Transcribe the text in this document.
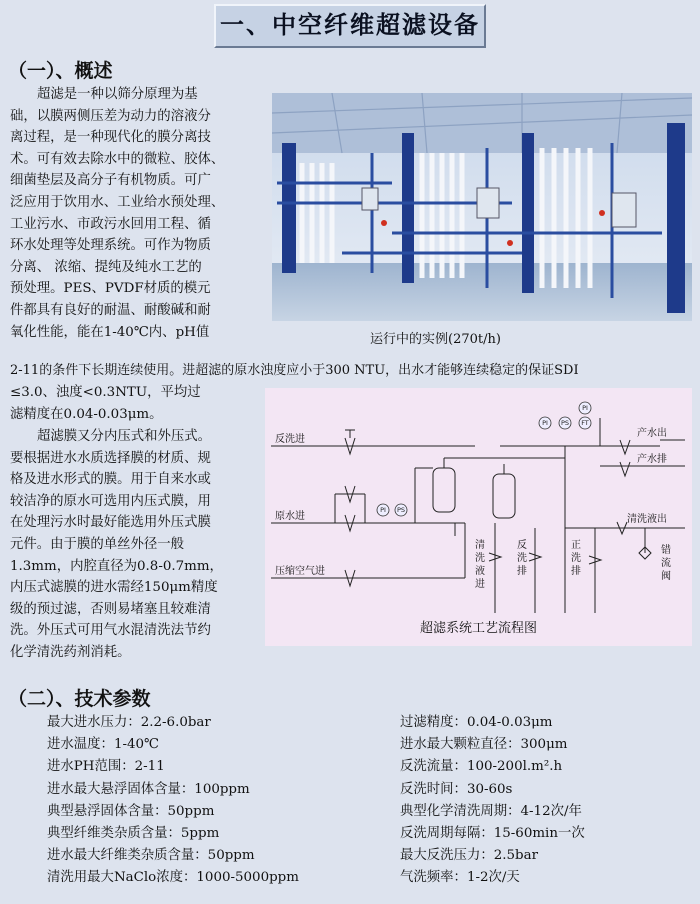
一、中空纤维超滤设备
（一）、概述
超滤是一种以筛分原理为基
础，以膜两侧压差为动力的溶液分
离过程，是一种现代化的膜分离技
术。可有效去除水中的微粒、胶体、
细菌垫层及高分子有机物质。可广
泛应用于饮用水、工业给水预处理、
工业污水、市政污水回用工程、循
环水处理等处理系统。可作为物质
分离、 浓缩、提纯及纯水工艺的
预处理。PES、PVDF材质的模元
件都具有良好的耐温、耐酸碱和耐
氧化性能，能在1-40℃内、pH值
2-11的条件下长期连续使用。进超滤的原水浊度应小于300 NTU，出水才能够连续稳定的保证SDI
≤3.0、浊度<0.3NTU，平均过
滤精度在0.04-0.03μm。
超滤膜又分内压式和外压式。
要根据进水水质选择膜的材质、规
格及进水形式的膜。用于自来水或
较洁净的原水可选用内压式膜，用
在处理污水时最好能选用外压式膜
元件。由于膜的单丝外径一般
1.3mm，内腔直径为0.8-0.7mm，
内压式滤膜的进水需经150μm精度
级的预过滤，否则易堵塞且较难清
洗。外压式可用气水混清洗法节约
化学清洗药剂消耗。
运行中的实例(270t/h)
PI PS FT
PI
PI PS
反洗进
原水进
压缩空气进
产水出
产水排
清洗液出
清
洗
液
进
反
洗
排
正
洗
排
错
流
阀
超滤系统工艺流程图
（二）、技术参数
最大进水压力：2.2-6.0bar
进水温度：1-40℃
进水PH范围：2-11
进水最大悬浮固体含量：100ppm
典型悬浮固体含量：50ppm
典型纤维类杂质含量：5ppm
进水最大纤维类杂质含量：50ppm
清洗用最大NaClo浓度：1000-5000ppm
过滤精度：0.04-0.03μm
进水最大颗粒直径：300μm
反洗流量：100-200l.m².h
反洗时间：30-60s
典型化学清洗周期：4-12次/年
反洗周期每隔：15-60min一次
最大反洗压力：2.5bar
气洗频率：1-2次/天
